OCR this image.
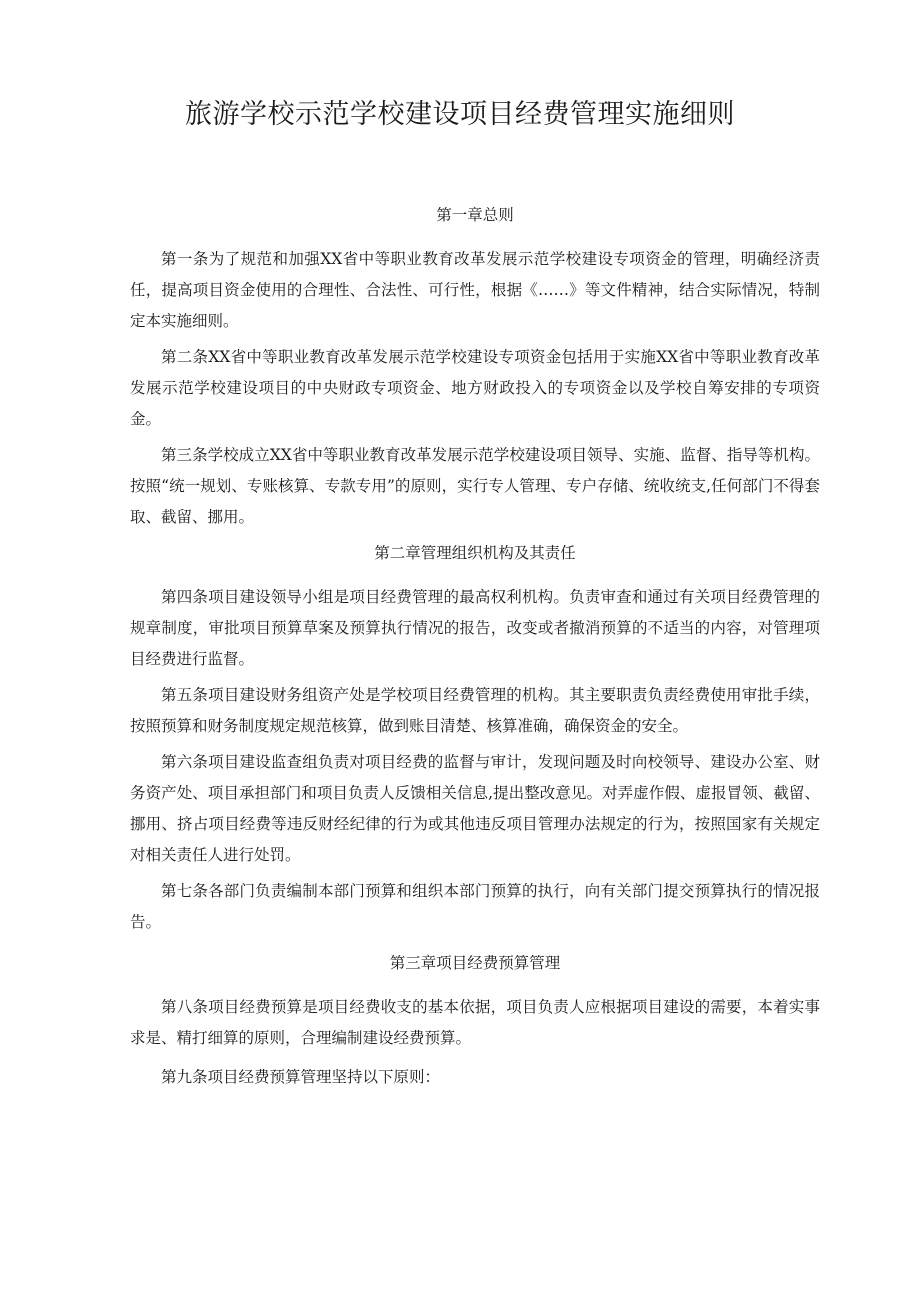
旅游学校示范学校建设项目经费管理实施细则

第一章总则

第一条为了规范和加强XX省中等职业教育改革发展示范学校建设专项资金的管理，明确经济责任，提高项目资金使用的合理性、合法性、可行性，根据《……》等文件精神，结合实际情况，特制定本实施细则。

第二条XX省中等职业教育改革发展示范学校建设专项资金包括用于实施XX省中等职业教育改革发展示范学校建设项目的中央财政专项资金、地方财政投入的专项资金以及学校自筹安排的专项资金。

第三条学校成立XX省中等职业教育改革发展示范学校建设项目领导、实施、监督、指导等机构。按照“统一规划、专账核算、专款专用”的原则，实行专人管理、专户存储、统收统支,任何部门不得套取、截留、挪用。

第二章管理组织机构及其责任

第四条项目建设领导小组是项目经费管理的最高权利机构。负责审查和通过有关项目经费管理的规章制度，审批项目预算草案及预算执行情况的报告，改变或者撤消预算的不适当的内容，对管理项目经费进行监督。

第五条项目建设财务组资产处是学校项目经费管理的机构。其主要职责负责经费使用审批手续，按照预算和财务制度规定规范核算，做到账目清楚、核算准确，确保资金的安全。

第六条项目建设监查组负责对项目经费的监督与审计，发现问题及时向校领导、建设办公室、财务资产处、项目承担部门和项目负责人反馈相关信息,提出整改意见。对弄虚作假、虚报冒领、截留、挪用、挤占项目经费等违反财经纪律的行为或其他违反项目管理办法规定的行为，按照国家有关规定对相关责任人进行处罚。

第七条各部门负责编制本部门预算和组织本部门预算的执行，向有关部门提交预算执行的情况报告。

第三章项目经费预算管理

第八条项目经费预算是项目经费收支的基本依据，项目负责人应根据项目建设的需要，本着实事求是、精打细算的原则，合理编制建设经费预算。

第九条项目经费预算管理坚持以下原则：
